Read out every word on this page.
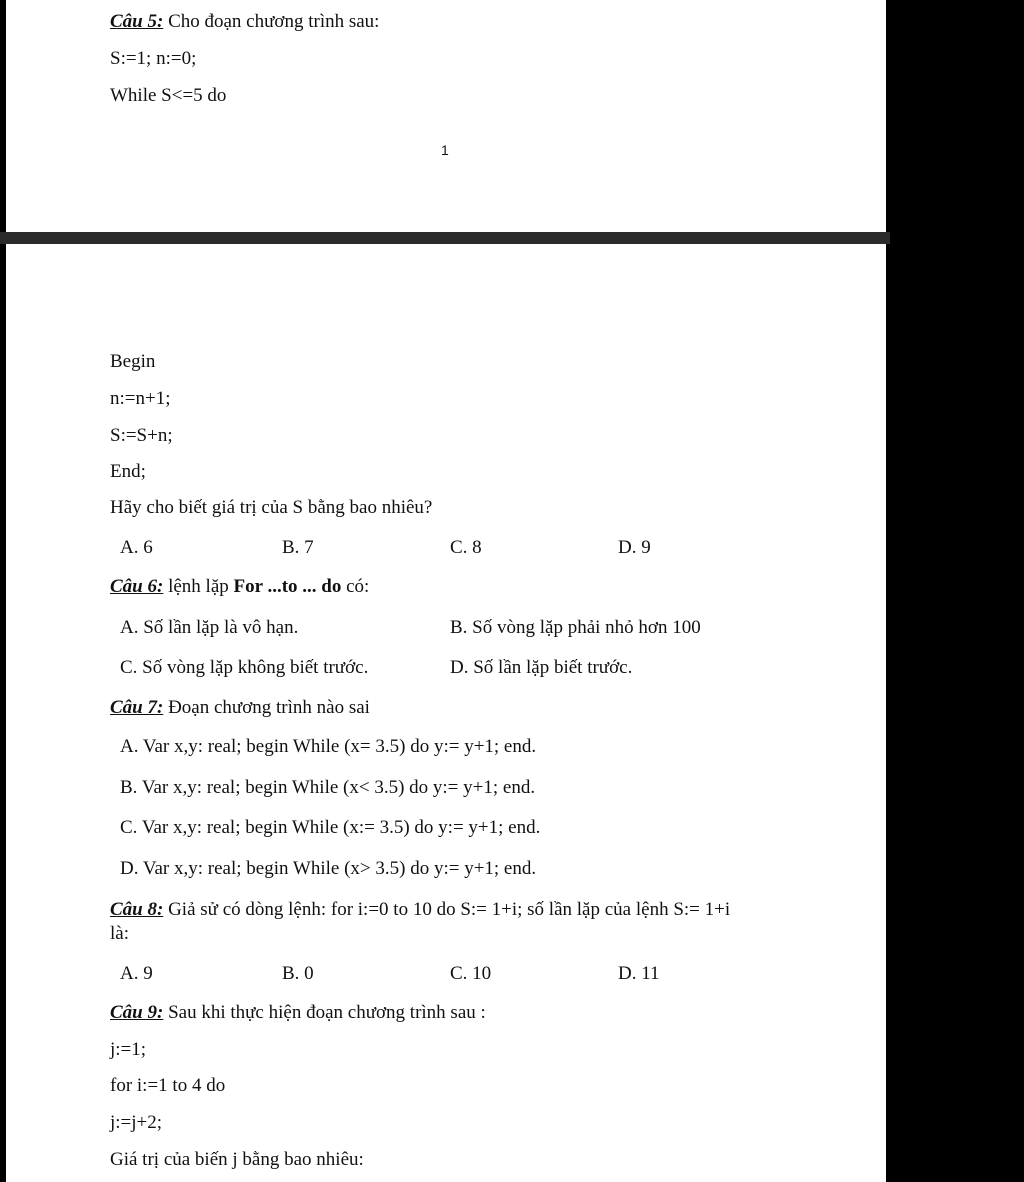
Câu 5: Cho đoạn chương trình sau:
S:=1; n:=0;
While S<=5 do
1
Begin
n:=n+1;
S:=S+n;
End;
Hãy cho biết giá trị của S bằng bao nhiêu?
A. 6	B. 7	C. 8	D. 9
Câu 6: lệnh lặp For ...to ... do có:
A. Số lần lặp là vô hạn.	B. Số vòng lặp phải nhỏ hơn 100
C. Số vòng lặp không biết trước.	D. Số lần lặp biết trước.
Câu 7: Đoạn chương trình nào sai
A. Var x,y: real; begin While (x= 3.5) do y:= y+1; end.
B. Var x,y: real; begin While (x< 3.5) do y:= y+1; end.
C. Var x,y: real; begin While (x:= 3.5) do y:= y+1; end.
D. Var x,y: real; begin While (x> 3.5) do y:= y+1; end.
Câu 8: Giả sử có dòng lệnh: for i:=0 to 10 do S:= 1+i; số lần lặp của lệnh S:= 1+i
là:
A. 9	B. 0	C. 10	D. 11
Câu 9: Sau khi thực hiện đoạn chương trình sau :
j:=1;
for i:=1 to 4 do
j:=j+2;
Giá trị của biến j bằng bao nhiêu:
